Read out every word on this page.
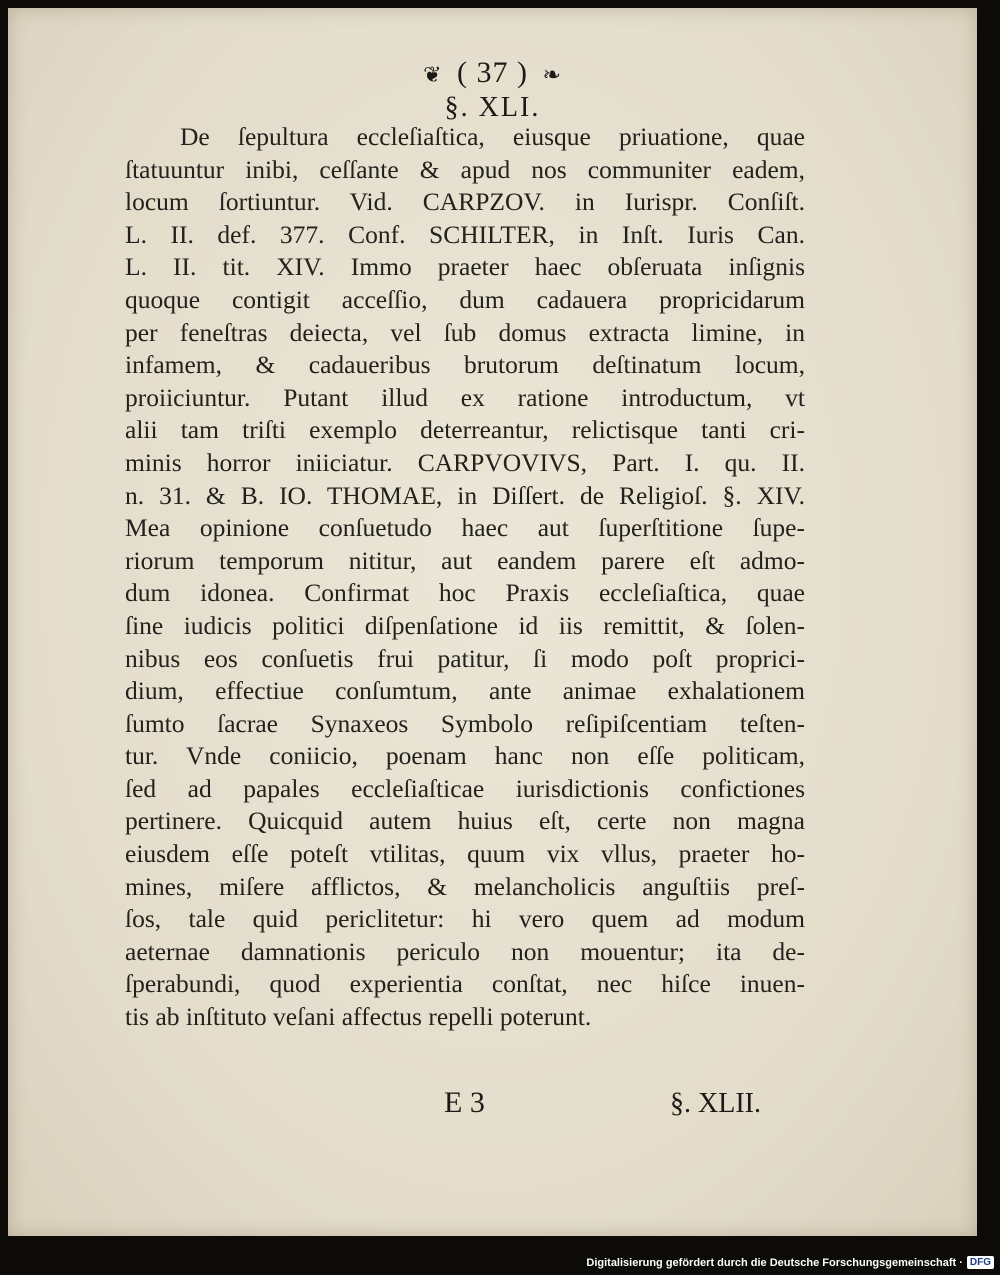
❦ ( 37 ) ❧
§. XLI.
De ſepultura eccleſiaſtica, eiusque priuatione, quae
ſtatuuntur inibi, ceſſante & apud nos communiter eadem,
locum ſortiuntur. Vid. CARPZOV. in Iurispr. Conſiſt.
L. II. def. 377. Conf. SCHILTER, in Inſt. Iuris Can.
L. II. tit. XIV. Immo praeter haec obſeruata inſignis
quoque contigit acceſſio, dum cadauera propricidarum
per feneſtras deiecta, vel ſub domus extracta limine, in
infamem, & cadaueribus brutorum deſtinatum locum,
proiiciuntur. Putant illud ex ratione introductum, vt
alii tam triſti exemplo deterreantur, relictisque tanti cri-
minis horror iniiciatur. CARPVOVIVS, Part. I. qu. II.
n. 31. & B. IO. THOMAE, in Diſſert. de Religioſ. §. XIV.
Mea opinione conſuetudo haec aut ſuperſtitione ſupe-
riorum temporum nititur, aut eandem parere eſt admo-
dum idonea. Confirmat hoc Praxis eccleſiaſtica, quae
ſine iudicis politici diſpenſatione id iis remittit, & ſolen-
nibus eos conſuetis frui patitur, ſi modo poſt proprici-
dium, effectiue conſumtum, ante animae exhalationem
ſumto ſacrae Synaxeos Symbolo reſipiſcentiam teſten-
tur. Vnde coniicio, poenam hanc non eſſe politicam,
ſed ad papales eccleſiaſticae iurisdictionis confictiones
pertinere. Quicquid autem huius eſt, certe non magna
eiusdem eſſe poteſt vtilitas, quum vix vllus, praeter ho-
mines, miſere afflictos, & melancholicis anguſtiis preſ-
ſos, tale quid periclitetur: hi vero quem ad modum
aeternae damnationis periculo non mouentur; ita de-
ſperabundi, quod experientia conſtat, nec hiſce inuen-
tis ab inſtituto veſani affectus repelli poterunt.
E 3	§. XLII.
Digitalisierung gefördert durch die Deutsche Forschungsgemeinschaft · DFG
